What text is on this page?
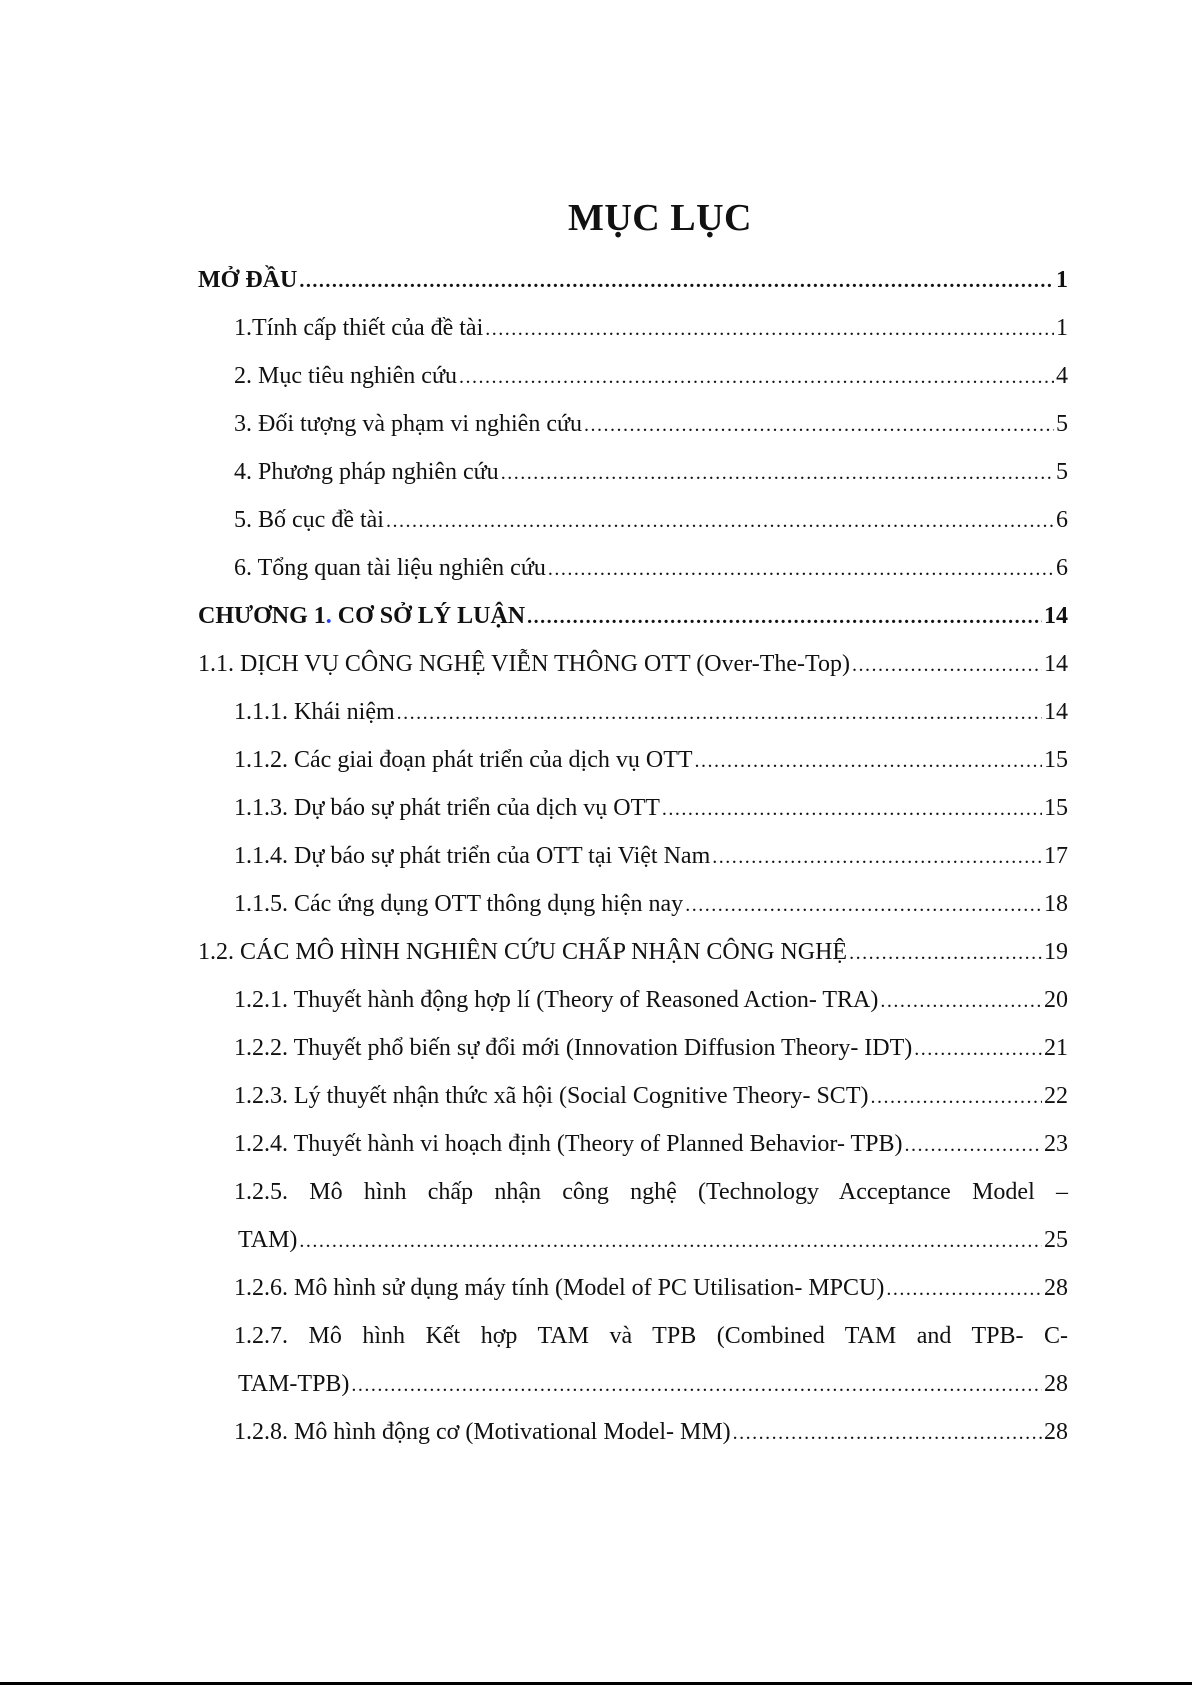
MỤC LỤC
MỞ ĐẦU .....	1
1.Tính cấp thiết của đề tài .....	1
2. Mục tiêu nghiên cứu .....	4
3. Đối tượng và phạm vi nghiên cứu .....	5
4. Phương pháp nghiên cứu .....	5
5. Bố cục đề tài .....	6
6. Tổng quan tài liệu nghiên cứu .....	6
CHƯƠNG 1. CƠ SỞ LÝ LUẬN .....	14
1.1. DỊCH VỤ CÔNG NGHỆ VIỄN THÔNG OTT (Over-The-Top) .....	14
1.1.1. Khái niệm .....	14
1.1.2. Các giai đoạn phát triển của dịch vụ OTT .....	15
1.1.3. Dự báo sự phát triển của dịch vụ OTT .....	15
1.1.4. Dự báo sự phát triển của OTT tại Việt Nam .....	17
1.1.5. Các ứng dụng OTT thông dụng hiện nay .....	18
1.2. CÁC MÔ HÌNH NGHIÊN CỨU CHẤP NHẬN CÔNG NGHỆ .....	19
1.2.1. Thuyết hành động hợp lí (Theory of Reasoned Action- TRA) .....	20
1.2.2. Thuyết phổ biến sự đổi mới (Innovation Diffusion Theory- IDT) .....	21
1.2.3. Lý thuyết nhận thức xã hội (Social Cognitive Theory- SCT) .....	22
1.2.4. Thuyết hành vi hoạch định (Theory of Planned Behavior- TPB) .....	23
1.2.5. Mô hình chấp nhận công nghệ (Technology Acceptance Model –
TAM) .....	25
1.2.6. Mô hình sử dụng máy tính (Model of PC Utilisation- MPCU) .....	28
1.2.7. Mô hình Kết hợp TAM và TPB (Combined TAM and TPB- C-
TAM-TPB) .....	28
1.2.8. Mô hình động cơ (Motivational Model- MM) .....	28
